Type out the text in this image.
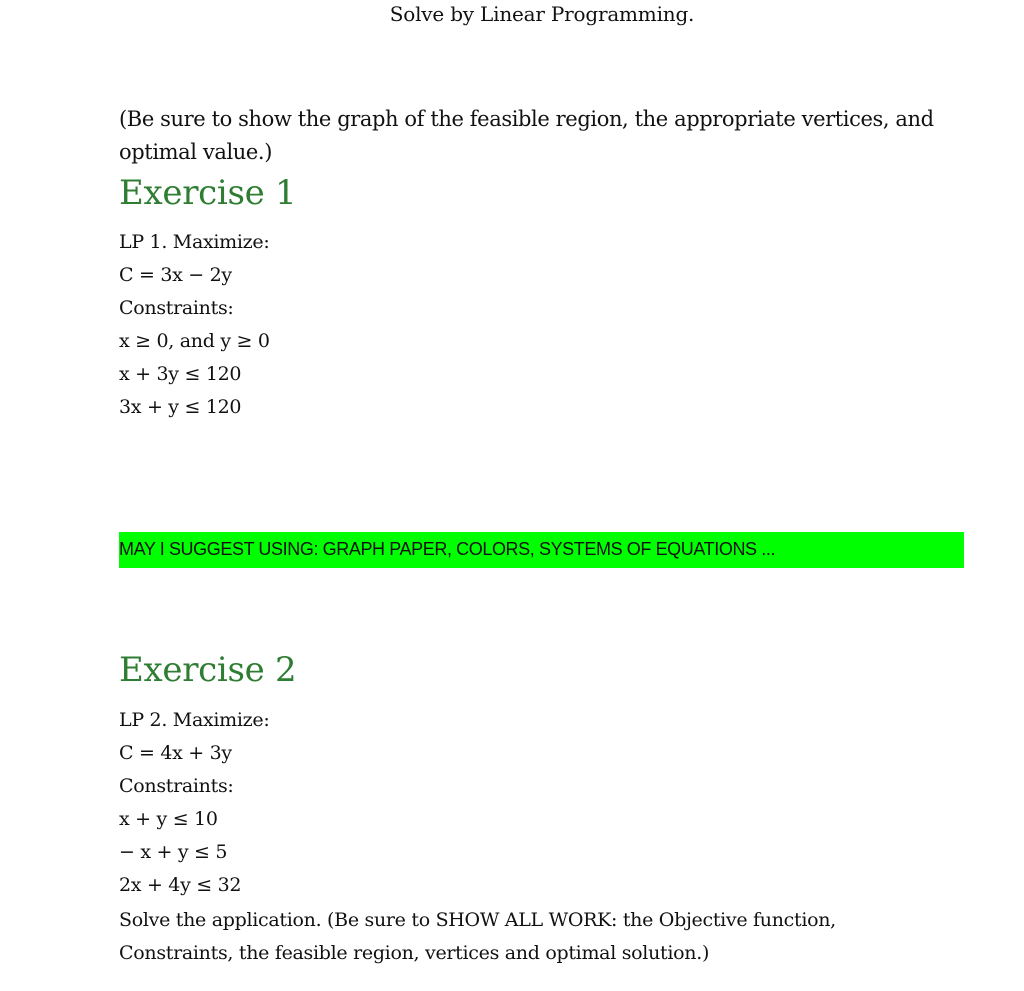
Solve by Linear Programming.
(Be sure to show the graph of the feasible region, the appropriate vertices, and optimal value.)
Exercise 1
LP 1. Maximize:
C = 3x − 2y
Constraints:
x ≥ 0, and y ≥ 0
x + 3y ≤ 120
3x + y ≤ 120
MAY I SUGGEST USING: GRAPH PAPER, COLORS, SYSTEMS OF EQUATIONS ...
Exercise 2
LP 2. Maximize:
C = 4x + 3y
Constraints:
x + y ≤ 10
− x + y ≤ 5
2x + 4y ≤ 32
Solve the application. (Be sure to SHOW ALL WORK: the Objective function, Constraints, the feasible region, vertices and optimal solution.)
